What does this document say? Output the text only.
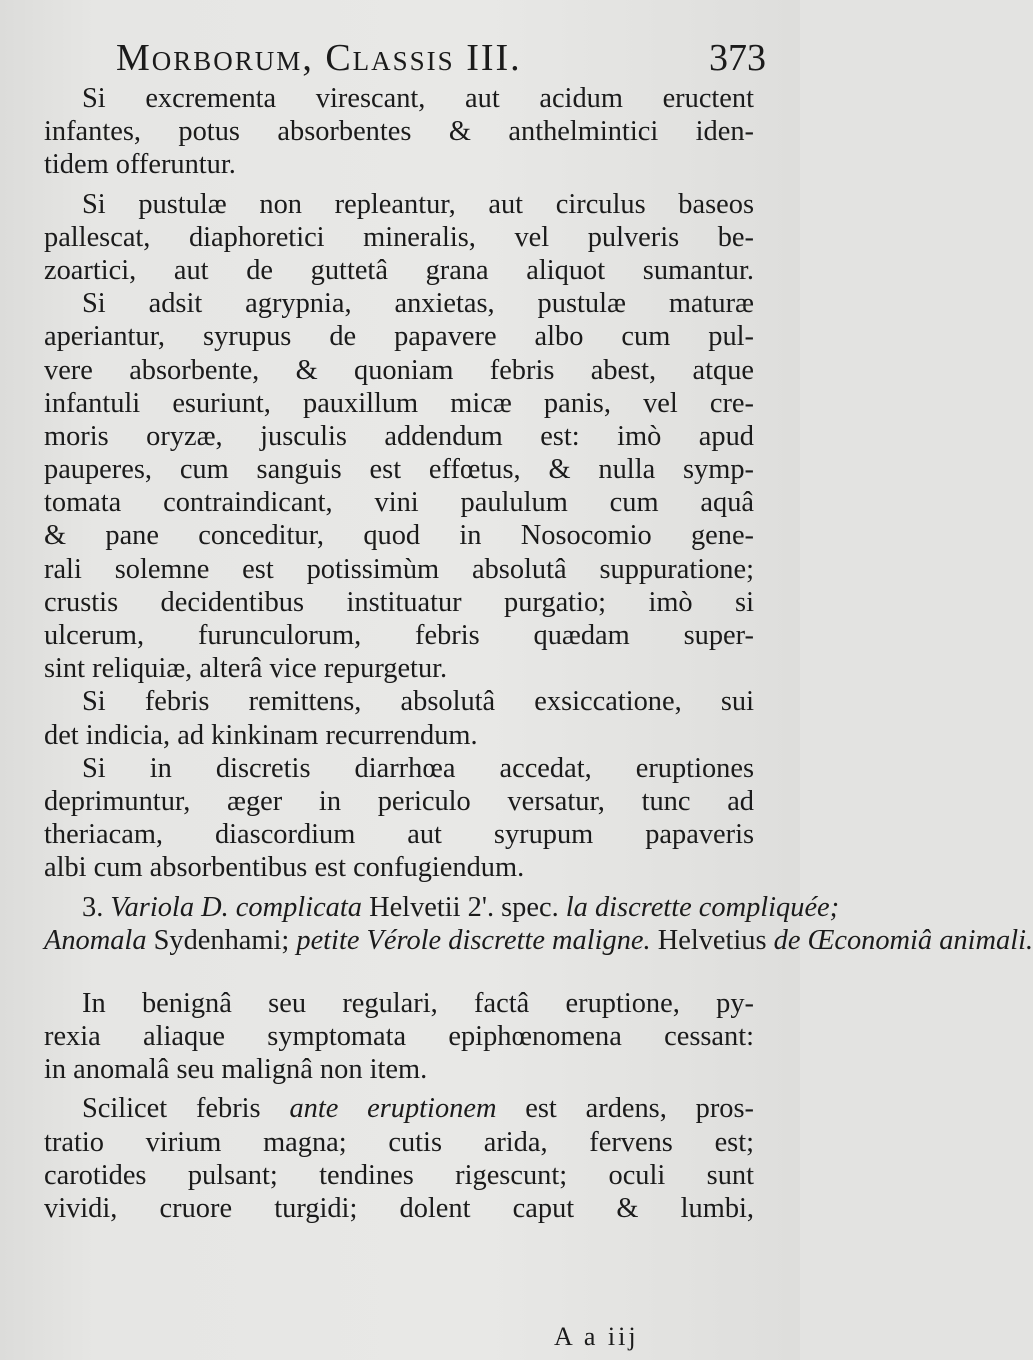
Morborum, Classis III.	373
Si excrementa virescant, aut acidum eructent
infantes, potus absorbentes & anthelmintici iden-
tidem offeruntur.
Si pustulæ non repleantur, aut circulus baseos
pallescat, diaphoretici mineralis, vel pulveris be-
zoartici, aut de guttetâ grana aliquot sumantur.
Si adsit agrypnia, anxietas, pustulæ maturæ
aperiantur, syrupus de papavere albo cum pul-
vere absorbente, & quoniam febris abest, atque
infantuli esuriunt, pauxillum micæ panis, vel cre-
moris oryzæ, jusculis addendum est: imò apud
pauperes, cum sanguis est effœtus, & nulla symp-
tomata contraindicant, vini paululum cum aquâ
& pane conceditur, quod in Nosocomio gene-
rali solemne est potissimùm absolutâ suppuratione;
crustis decidentibus instituatur purgatio; imò si
ulcerum, furunculorum, febris quædam super-
sint reliquiæ, alterâ vice repurgetur.
Si febris remittens, absolutâ exsiccatione, sui
det indicia, ad kinkinam recurrendum.
Si in discretis diarrhœa accedat, eruptiones
deprimuntur, æger in periculo versatur, tunc ad
theriacam, diascordium aut syrupum papaveris
albi cum absorbentibus est confugiendum.
3. Variola D. complicata Helvetii 2'. spec. la discrette compliquée;
Anomala Sydenhami; petite Vérole discrette maligne. Helvetius de Œconomiâ animali.
In benignâ seu regulari, factâ eruptione, py-
rexia aliaque symptomata epiphœnomena cessant:
in anomalâ seu malignâ non item.
Scilicet febris ante eruptionem est ardens, pros-
tratio virium magna; cutis arida, fervens est;
carotides pulsant; tendines rigescunt; oculi sunt
vividi, cruore turgidi; dolent caput & lumbi,
A a iij
